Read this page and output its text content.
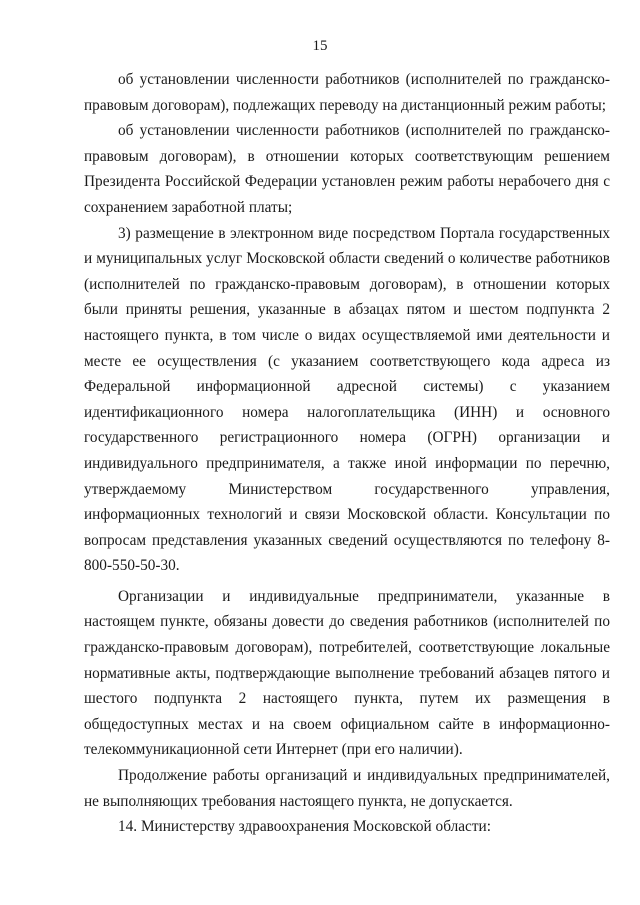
15

об установлении численности работников (исполнителей по гражданско-правовым договорам), подлежащих переводу на дистанционный режим работы;

об установлении численности работников (исполнителей по гражданско-правовым договорам), в отношении которых соответствующим решением Президента Российской Федерации установлен режим работы нерабочего дня с сохранением заработной платы;

3) размещение в электронном виде посредством Портала государственных и муниципальных услуг Московской области сведений о количестве работников (исполнителей по гражданско-правовым договорам), в отношении которых были приняты решения, указанные в абзацах пятом и шестом подпункта 2 настоящего пункта, в том числе о видах осуществляемой ими деятельности и месте ее осуществления (с указанием соответствующего кода адреса из Федеральной информационной адресной системы) с указанием идентификационного номера налогоплательщика (ИНН) и основного государственного регистрационного номера (ОГРН) организации и индивидуального предпринимателя, а также иной информации по перечню, утверждаемому Министерством государственного управления, информационных технологий и связи Московской области. Консультации по вопросам представления указанных сведений осуществляются по телефону 8-800-550-50-30.

Организации и индивидуальные предприниматели, указанные в настоящем пункте, обязаны довести до сведения работников (исполнителей по гражданско-правовым договорам), потребителей, соответствующие локальные нормативные акты, подтверждающие выполнение требований абзацев пятого и шестого подпункта 2 настоящего пункта, путем их размещения в общедоступных местах и на своем официальном сайте в информационно-телекоммуникационной сети Интернет (при его наличии).

Продолжение работы организаций и индивидуальных предпринимателей, не выполняющих требования настоящего пункта, не допускается.

14. Министерству здравоохранения Московской области:
